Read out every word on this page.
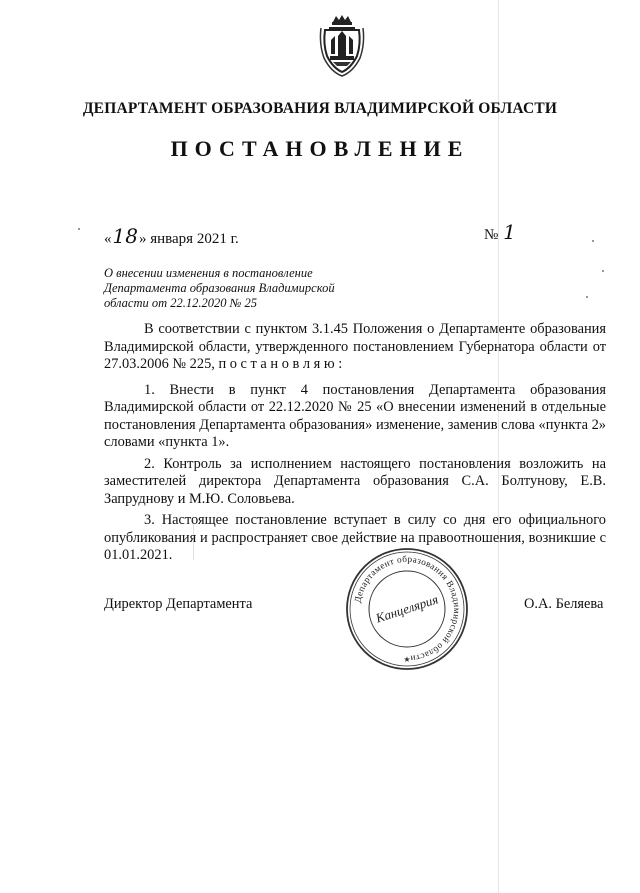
ДЕПАРТАМЕНТ ОБРАЗОВАНИЯ ВЛАДИМИРСКОЙ ОБЛАСТИ
ПОСТАНОВЛЕНИЕ
«18» января 2021 г.	№ 1
О внесении изменения в постановление
Департамента образования Владимирской
области от 22.12.2020 № 25

В соответствии с пунктом 3.1.45 Положения о Департаменте образования Владимирской области, утвержденного постановлением Губернатора области от 27.03.2006 № 225, п о с т а н о в л я ю :

1. Внести в пункт 4 постановления Департамента образования Владимирской области от 22.12.2020 № 25 «О внесении изменений в отдельные постановления Департамента образования» изменение, заменив слова «пункта 2» словами «пункта 1».

2. Контроль за исполнением настоящего постановления возложить на заместителей директора Департамента образования С.А. Болтунову, Е.В. Запруднову и М.Ю. Соловьева.

3. Настоящее постановление вступает в силу со дня его официального опубликования и распространяет свое действие на правоотношения, возникшие с 01.01.2021.

Департамент образования Владимирской области
Канцелярия
★
Директор Департамента	О.А. Беляева
